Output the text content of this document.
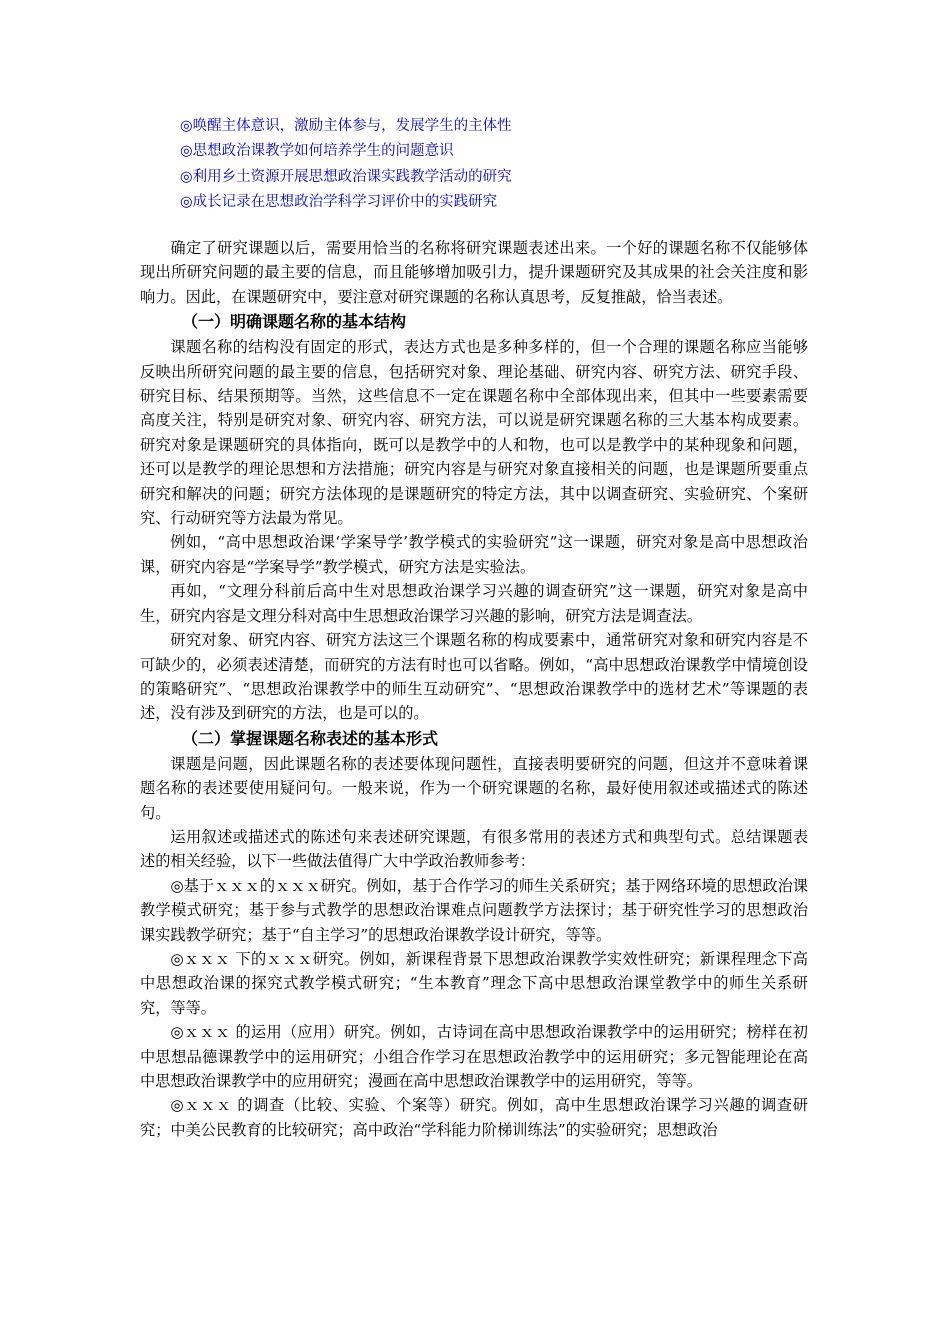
◎唤醒主体意识，激励主体参与，发展学生的主体性
◎思想政治课教学如何培养学生的问题意识
◎利用乡土资源开展思想政治课实践教学活动的研究
◎成长记录在思想政治学科学习评价中的实践研究

确定了研究课题以后，需要用恰当的名称将研究课题表述出来。一个好的课题名称不仅能够体现出所研究问题的最主要的信息，而且能够增加吸引力，提升课题研究及其成果的社会关注度和影响力。因此，在课题研究中，要注意对研究课题的名称认真思考，反复推敲，恰当表述。

（一）明确课题名称的基本结构

课题名称的结构没有固定的形式，表达方式也是多种多样的，但一个合理的课题名称应当能够反映出所研究问题的最主要的信息，包括研究对象、理论基础、研究内容、研究方法、研究手段、研究目标、结果预期等。当然，这些信息不一定在课题名称中全部体现出来，但其中一些要素需要高度关注，特别是研究对象、研究内容、研究方法，可以说是研究课题名称的三大基本构成要素。研究对象是课题研究的具体指向，既可以是教学中的人和物，也可以是教学中的某种现象和问题，还可以是教学的理论思想和方法措施；研究内容是与研究对象直接相关的问题，也是课题所要重点研究和解决的问题；研究方法体现的是课题研究的特定方法，其中以调查研究、实验研究、个案研究、行动研究等方法最为常见。

例如，“高中思想政治课‘学案导学’教学模式的实验研究”这一课题，研究对象是高中思想政治课，研究内容是“学案导学”教学模式，研究方法是实验法。

再如，“文理分科前后高中生对思想政治课学习兴趣的调查研究”这一课题，研究对象是高中生，研究内容是文理分科对高中生思想政治课学习兴趣的影响，研究方法是调查法。

研究对象、研究内容、研究方法这三个课题名称的构成要素中，通常研究对象和研究内容是不可缺少的，必须表述清楚，而研究的方法有时也可以省略。例如，“高中思想政治课教学中情境创设的策略研究”、“思想政治课教学中的师生互动研究”、“思想政治课教学中的选材艺术”等课题的表述，没有涉及到研究的方法，也是可以的。

（二）掌握课题名称表述的基本形式

课题是问题，因此课题名称的表述要体现问题性，直接表明要研究的问题，但这并不意味着课题名称的表述要使用疑问句。一般来说，作为一个研究课题的名称，最好使用叙述或描述式的陈述句。

运用叙述或描述式的陈述句来表述研究课题，有很多常用的表述方式和典型句式。总结课题表述的相关经验，以下一些做法值得广大中学政治教师参考：

◎基于ｘｘｘ的ｘｘｘ研究。例如，基于合作学习的师生关系研究；基于网络环境的思想政治课教学模式研究；基于参与式教学的思想政治课难点问题教学方法探讨；基于研究性学习的思想政治课实践教学研究；基于“自主学习”的思想政治课教学设计研究，等等。

◎ｘｘｘ 下的ｘｘｘ研究。例如，新课程背景下思想政治课教学实效性研究；新课程理念下高中思想政治课的探究式教学模式研究；“生本教育”理念下高中思想政治课堂教学中的师生关系研究，等等。

◎ｘｘｘ 的运用（应用）研究。例如，古诗词在高中思想政治课教学中的运用研究；榜样在初中思想品德课教学中的运用研究；小组合作学习在思想政治教学中的运用研究；多元智能理论在高中思想政治课教学中的应用研究；漫画在高中思想政治课教学中的运用研究，等等。

◎ｘｘｘ 的调查（比较、实验、个案等）研究。例如，高中生思想政治课学习兴趣的调查研究；中美公民教育的比较研究；高中政治“学科能力阶梯训练法”的实验研究；思想政治
